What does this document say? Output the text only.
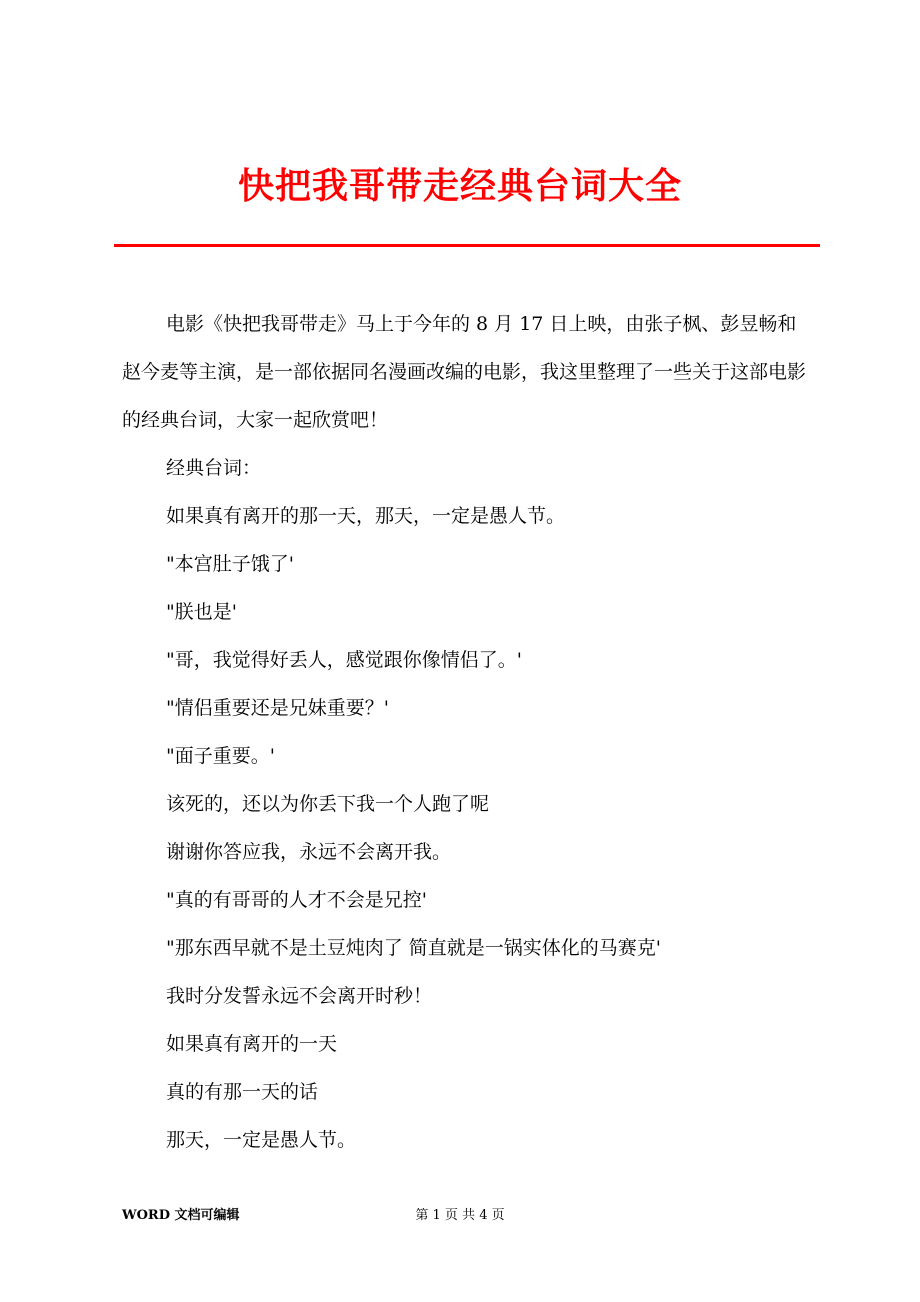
快把我哥带走经典台词大全

电影《快把我哥带走》马上于今年的 8 月 17 日上映，由张子枫、彭昱畅和赵今麦等主演，是一部依据同名漫画改编的电影，我这里整理了一些关于这部电影的经典台词，大家一起欣赏吧！

经典台词：

如果真有离开的那一天，那天，一定是愚人节。

"本宫肚子饿了'

"朕也是'

"哥，我觉得好丢人，感觉跟你像情侣了。'

"情侣重要还是兄妹重要？'

"面子重要。'

该死的，还以为你丢下我一个人跑了呢

谢谢你答应我，永远不会离开我。

"真的有哥哥的人才不会是兄控'

"那东西早就不是土豆炖肉了 简直就是一锅实体化的马赛克'

我时分发誓永远不会离开时秒！

如果真有离开的一天

真的有那一天的话

那天，一定是愚人节。

WORD 文档可编辑	第 1 页 共 4 页
